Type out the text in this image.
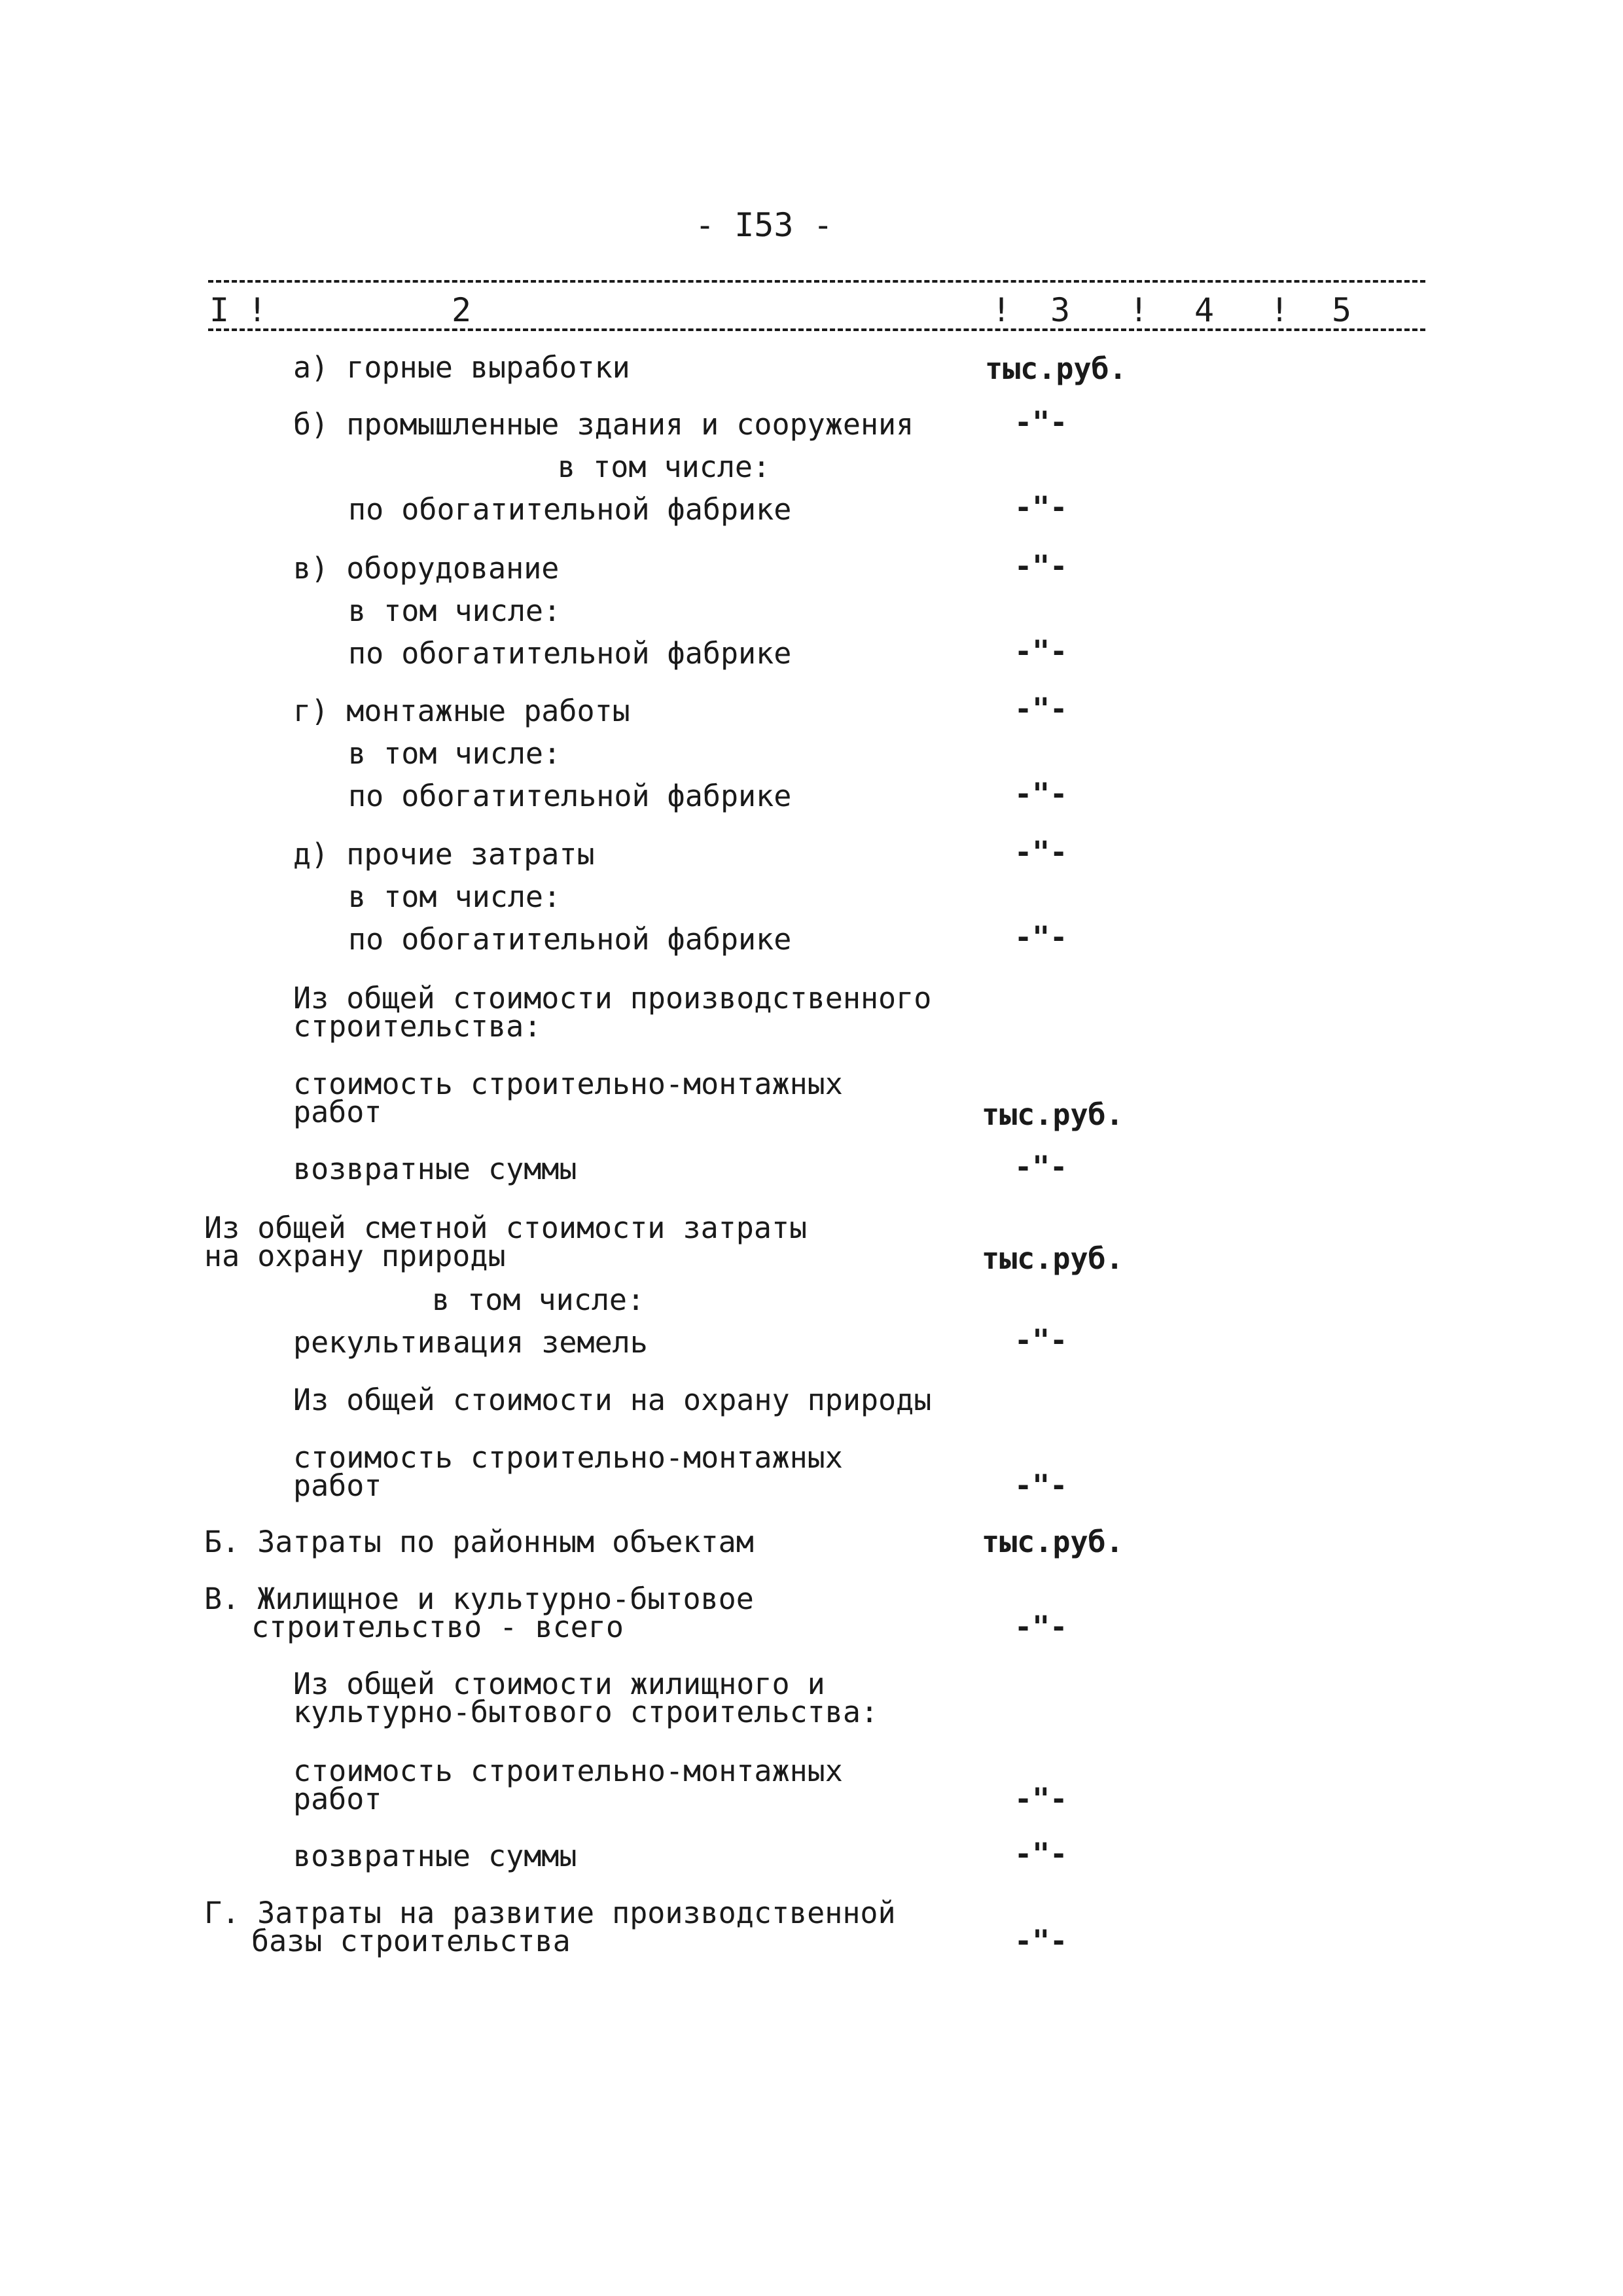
- I53 -
I !	2	! 3 ! 4 ! 5
а) горные выработки	тыс.руб.
б) промышленные здания и сооружения	-"-
в том числе:
по обогатительной фабрике	-"-
в) оборудование	-"-
в том числе:
по обогатительной фабрике	-"-
г) монтажные работы	-"-
в том числе:
по обогатительной фабрике	-"-
д) прочие затраты	-"-
в том числе:
по обогатительной фабрике	-"-
Из общей стоимости производственного
строительства:
стоимость строительно-монтажных
работ	тыс.руб.
возвратные суммы	-"-
Из общей сметной стоимости затраты
на охрану природы	тыс.руб.
в том числе:
рекультивация земель	-"-
Из общей стоимости на охрану природы
стоимость строительно-монтажных
работ	-"-
Б. Затраты по районным объектам	тыс.руб.
В. Жилищное и культурно-бытовое
строительство - всего	-"-
Из общей стоимости жилищного и
культурно-бытового строительства:
стоимость строительно-монтажных
работ	-"-
возвратные суммы	-"-
Г. Затраты на развитие производственной
базы строительства	-"-
